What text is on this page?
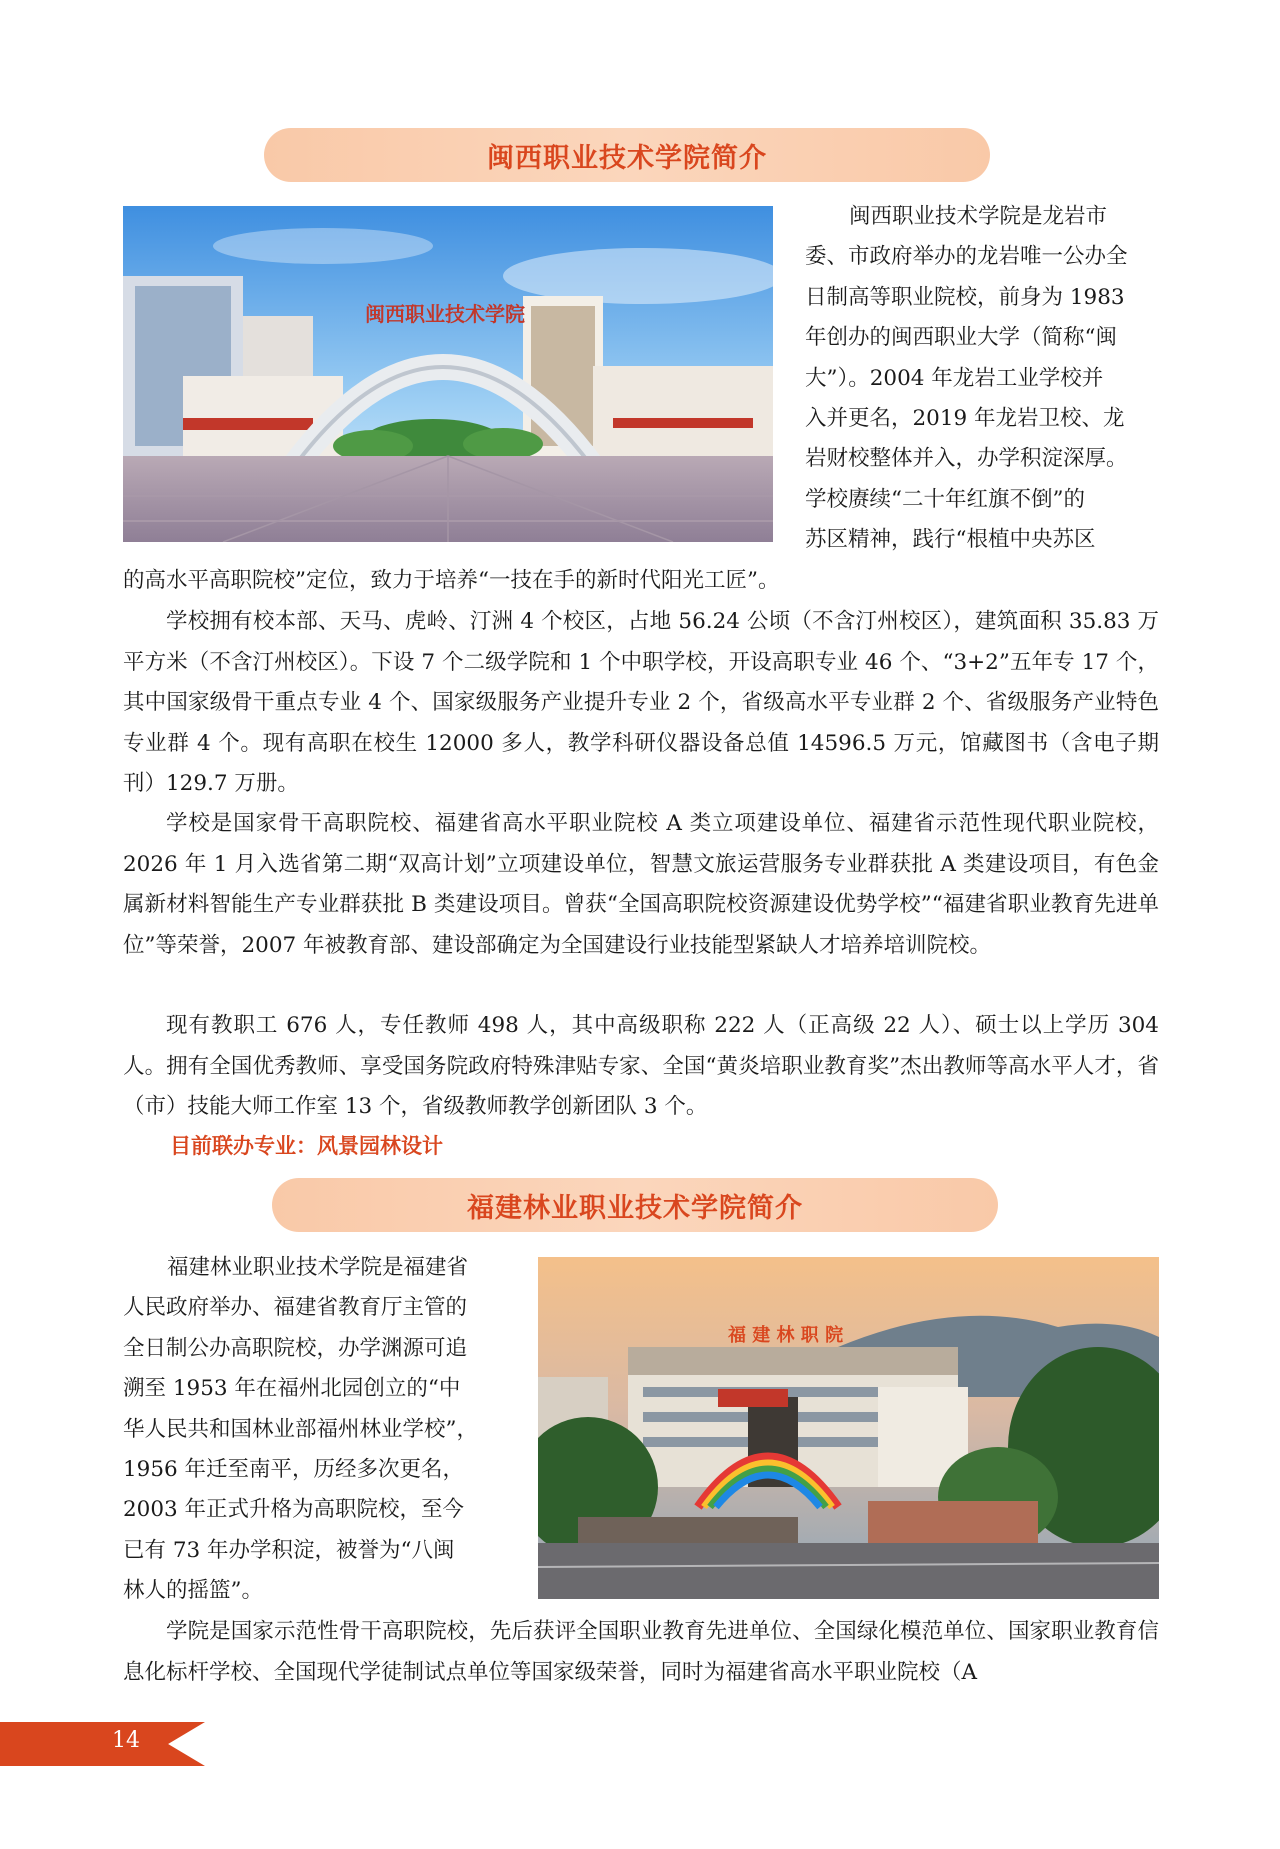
闽西职业技术学院简介
闽西职业技术学院
闽西职业技术学院是龙岩市
委、市政府举办的龙岩唯一公办全
日制高等职业院校，前身为 1983
年创办的闽西职业大学（简称“闽
大”）。2004 年龙岩工业学校并
入并更名，2019 年龙岩卫校、龙
岩财校整体并入，办学积淀深厚。
学校赓续“二十年红旗不倒”的
苏区精神，践行“根植中央苏区
的高水平高职院校”定位，致力于培养“一技在手的新时代阳光工匠”。
学校拥有校本部、天马、虎岭、汀洲 4 个校区，占地 56.24 公顷（不含汀州校区），建筑面积 35.83 万平方米（不含汀州校区）。下设 7 个二级学院和 1 个中职学校，开设高职专业 46 个、“3+2”五年专 17 个，其中国家级骨干重点专业 4 个、国家级服务产业提升专业 2 个，省级高水平专业群 2 个、省级服务产业特色专业群 4 个。现有高职在校生 12000 多人，教学科研仪器设备总值 14596.5 万元，馆藏图书（含电子期刊）129.7 万册。
学校是国家骨干高职院校、福建省高水平职业院校 A 类立项建设单位、福建省示范性现代职业院校，2026 年 1 月入选省第二期“双高计划”立项建设单位，智慧文旅运营服务专业群获批 A 类建设项目，有色金属新材料智能生产专业群获批 B 类建设项目。曾获“全国高职院校资源建设优势学校”“福建省职业教育先进单位”等荣誉，2007 年被教育部、建设部确定为全国建设行业技能型紧缺人才培养培训院校。
现有教职工 676 人，专任教师 498 人，其中高级职称 222 人（正高级 22 人）、硕士以上学历 304 人。拥有全国优秀教师、享受国务院政府特殊津贴专家、全国“黄炎培职业教育奖”杰出教师等高水平人才，省（市）技能大师工作室 13 个，省级教师教学创新团队 3 个。
目前联办专业：风景园林设计
福建林业职业技术学院简介
福建林业职业技术学院是福建省
人民政府举办、福建省教育厅主管的
全日制公办高职院校，办学渊源可追
溯至 1953 年在福州北园创立的“中
华人民共和国林业部福州林业学校”，
1956 年迁至南平，历经多次更名，
2003 年正式升格为高职院校，至今
已有 73 年办学积淀，被誉为“八闽
林人的摇篮”。
福 建 林 职 院
学院是国家示范性骨干高职院校，先后获评全国职业教育先进单位、全国绿化模范单位、国家职业教育信息化标杆学校、全国现代学徒制试点单位等国家级荣誉，同时为福建省高水平职业院校（A
14
